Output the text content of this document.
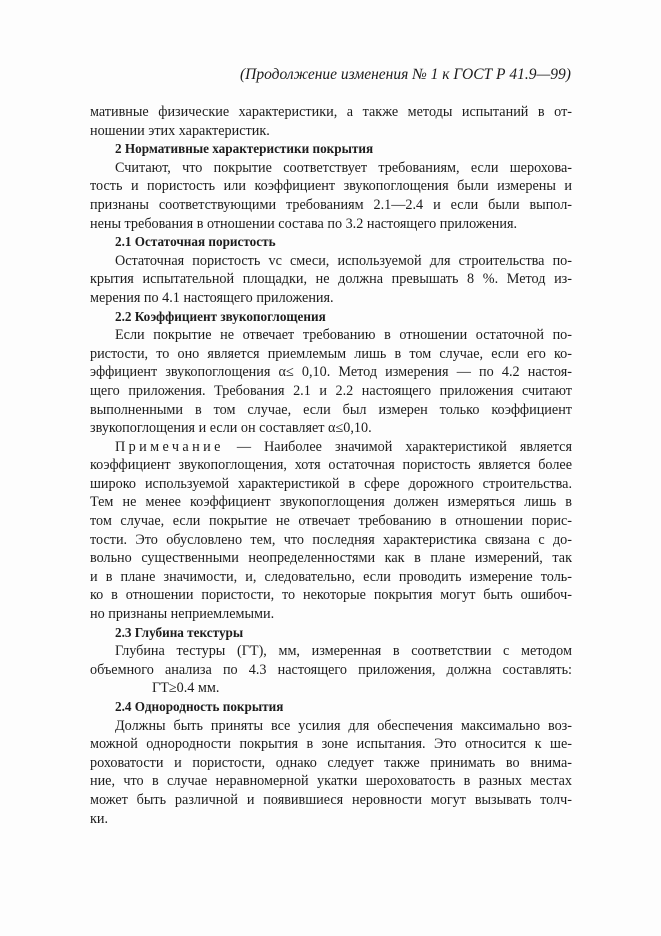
(Продолжение изменения № 1 к ГОСТ Р 41.9—99)
мативные физические характеристики, а также методы испытаний в от-
ношении этих характеристик.
2 Нормативные характеристики покрытия
Считают, что покрытие соответствует требованиям, если шерохова-
тость и пористость или коэффициент звукопоглощения были измерены и
признаны соответствующими требованиям 2.1—2.4 и если были выпол-
нены требования в отношении состава по 3.2 настоящего приложения.
2.1 Остаточная пористость
Остаточная пористость vc смеси, используемой для строительства по-
крытия испытательной площадки, не должна превышать 8 %. Метод из-
мерения по 4.1 настоящего приложения.
2.2 Коэффициент звукопоглощения
Если покрытие не отвечает требованию в отношении остаточной по-
ристости, то оно является приемлемым лишь в том случае, если его ко-
эффициент звукопоглощения α≤ 0,10. Метод измерения — по 4.2 настоя-
щего приложения. Требования 2.1 и 2.2 настоящего приложения считают
выполненными в том случае, если был измерен только коэффициент
звукопоглощения и если он составляет α≤0,10.
Примечание — Наиболее значимой характеристикой является
коэффициент звукопоглощения, хотя остаточная пористость является более
широко используемой характеристикой в сфере дорожного строительства.
Тем не менее коэффициент звукопоглощения должен измеряться лишь в
том случае, если покрытие не отвечает требованию в отношении порис-
тости. Это обусловлено тем, что последняя характеристика связана с до-
вольно существенными неопределенностями как в плане измерений, так
и в плане значимости, и, следовательно, если проводить измерение толь-
ко в отношении пористости, то некоторые покрытия могут быть ошибоч-
но признаны неприемлемыми.
2.3 Глубина текстуры
Глубина тестуры (ГТ), мм, измеренная в соответствии с методом
объемного анализа по 4.3 настоящего приложения, должна составлять:
ГТ≥0.4 мм.
2.4 Однородность покрытия
Должны быть приняты все усилия для обеспечения максимально воз-
можной однородности покрытия в зоне испытания. Это относится к ше-
роховатости и пористости, однако следует также принимать во внима-
ние, что в случае неравномерной укатки шероховатость в разных местах
может быть различной и появившиеся неровности могут вызывать толч-
ки.
